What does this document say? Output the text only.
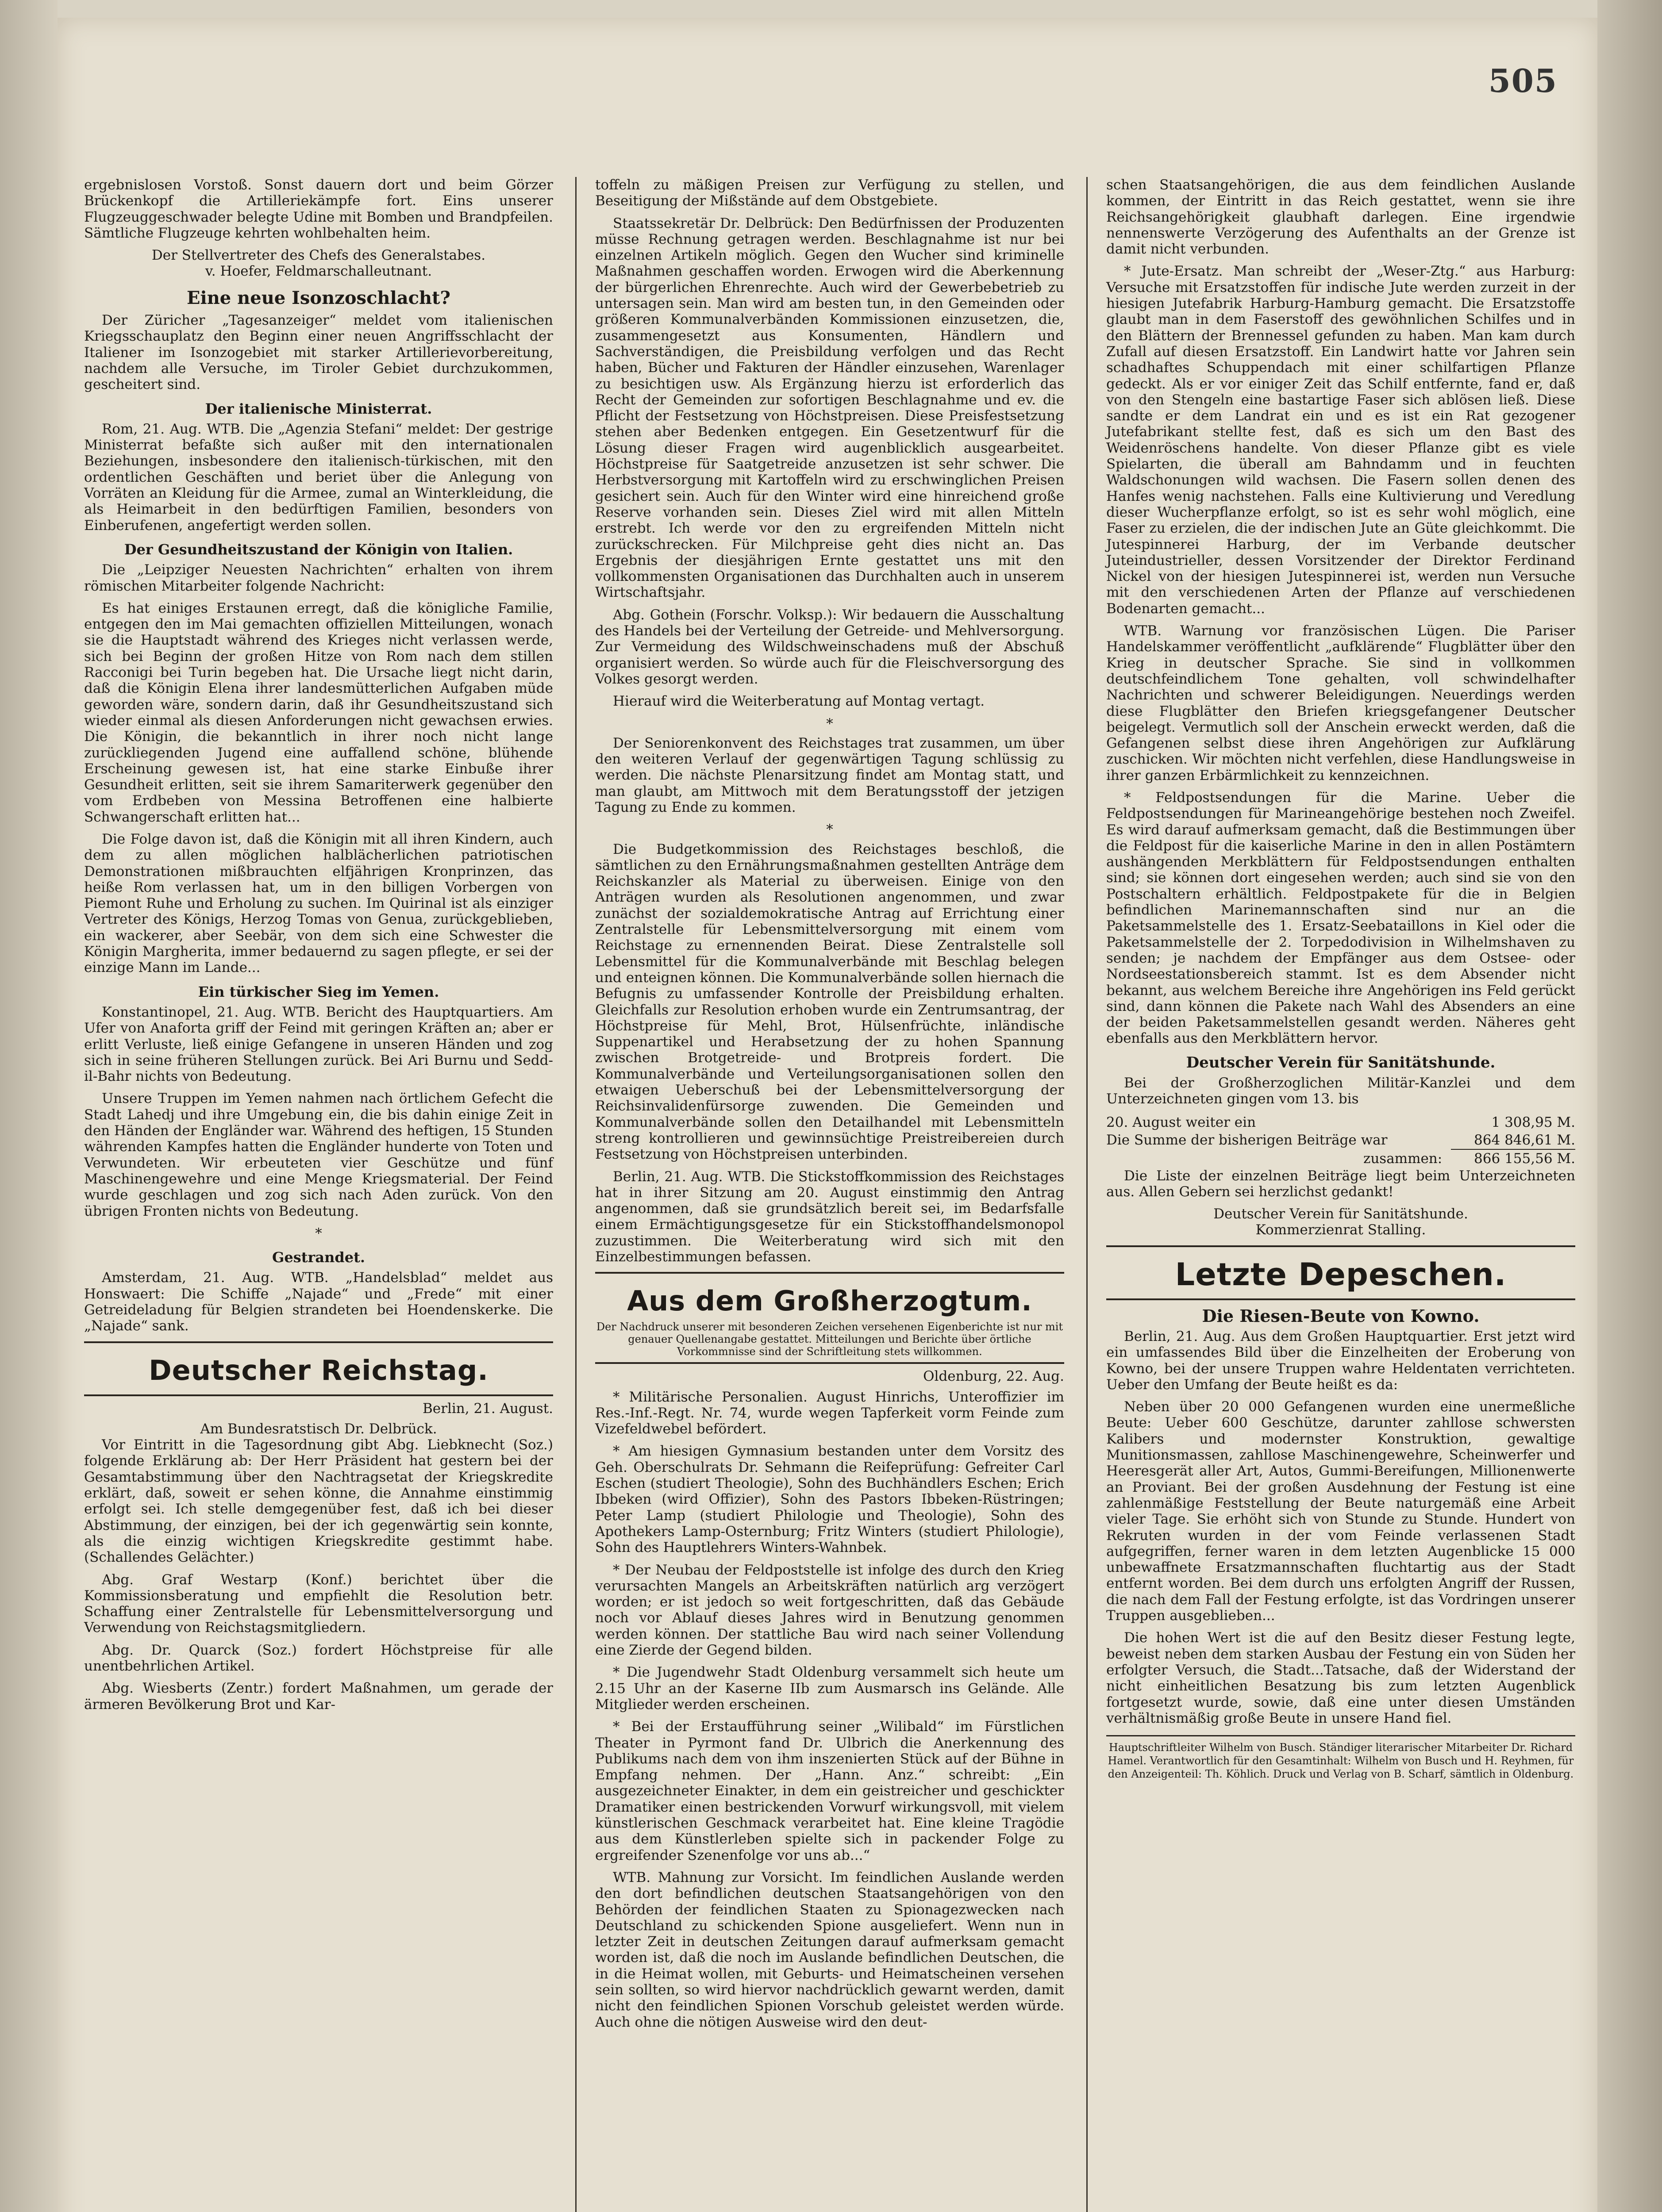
505

ergebnislosen Vorstoß. Sonst dauern dort und beim Görzer Brückenkopf die Artilleriekämpfe fort. Eins unserer Flugzeuggeschwader belegte Udine mit Bomben und Brandpfeilen. Sämtliche Flugzeuge kehrten wohlbehalten heim.

Der Stellvertreter des Chefs des Generalstabes.
v. Hoefer, Feldmarschalleutnant.
Eine neue Isonzoschlacht?

Der Züricher „Tagesanzeiger“ meldet vom italienischen Kriegsschauplatz den Beginn einer neuen Angriffsschlacht der Italiener im Isonzogebiet mit starker Artillerievorbereitung, nachdem alle Versuche, im Tiroler Gebiet durchzukommen, gescheitert sind.

Der italienische Ministerrat.

Rom, 21. Aug. WTB. Die „Agenzia Stefani“ meldet: Der gestrige Ministerrat befaßte sich außer mit den internationalen Beziehungen, insbesondere den italienisch-türkischen, mit den ordentlichen Geschäften und beriet über die Anlegung von Vorräten an Kleidung für die Armee, zumal an Winterkleidung, die als Heimarbeit in den bedürftigen Familien, besonders von Einberufenen, angefertigt werden sollen.

Der Gesundheitszustand der Königin von Italien.

Die „Leipziger Neuesten Nachrichten“ erhalten von ihrem römischen Mitarbeiter folgende Nachricht:

Es hat einiges Erstaunen erregt, daß die königliche Familie, entgegen den im Mai gemachten offiziellen Mitteilungen, wonach sie die Hauptstadt während des Krieges nicht verlassen werde, sich bei Beginn der großen Hitze von Rom nach dem stillen Racconigi bei Turin begeben hat. Die Ursache liegt nicht darin, daß die Königin Elena ihrer landesmütterlichen Aufgaben müde geworden wäre, sondern darin, daß ihr Gesundheitszustand sich wieder einmal als diesen Anforderungen nicht gewachsen erwies. Die Königin, die bekanntlich in ihrer noch nicht lange zurückliegenden Jugend eine auffallend schöne, blühende Erscheinung gewesen ist, hat eine starke Einbuße ihrer Gesundheit erlitten, seit sie ihrem Samariterwerk gegenüber den vom Erdbeben von Messina Betroffenen eine halbierte Schwangerschaft erlitten hat...

Die Folge davon ist, daß die Königin mit all ihren Kindern, auch dem zu allen möglichen halblächerlichen patriotischen Demonstrationen mißbrauchten elfjährigen Kronprinzen, das heiße Rom verlassen hat, um in den billigen Vorbergen von Piemont Ruhe und Erholung zu suchen. Im Quirinal ist als einziger Vertreter des Königs, Herzog Tomas von Genua, zurückgeblieben, ein wackerer, aber Seebär, von dem sich eine Schwester die Königin Margherita, immer bedauernd zu sagen pflegte, er sei der einzige Mann im Lande...

Ein türkischer Sieg im Yemen.

Konstantinopel, 21. Aug. WTB. Bericht des Hauptquartiers. Am Ufer von Anaforta griff der Feind mit geringen Kräften an; aber er erlitt Verluste, ließ einige Gefangene in unseren Händen und zog sich in seine früheren Stellungen zurück. Bei Ari Burnu und Sedd-il-Bahr nichts von Bedeutung.

Unsere Truppen im Yemen nahmen nach örtlichem Gefecht die Stadt Lahedj und ihre Umgebung ein, die bis dahin einige Zeit in den Händen der Engländer war. Während des heftigen, 15 Stunden währenden Kampfes hatten die Engländer hunderte von Toten und Verwundeten. Wir erbeuteten vier Geschütze und fünf Maschinengewehre und eine Menge Kriegsmaterial. Der Feind wurde geschlagen und zog sich nach Aden zurück. Von den übrigen Fronten nichts von Bedeutung.

*
Gestrandet.

Amsterdam, 21. Aug. WTB. „Handelsblad“ meldet aus Honswaert: Die Schiffe „Najade“ und „Frede“ mit einer Getreideladung für Belgien strandeten bei Hoendenskerke. Die „Najade“ sank.

Deutscher Reichstag.
Berlin, 21. August.
Am Bundesratstisch Dr. Delbrück.

Vor Eintritt in die Tagesordnung gibt Abg. Liebknecht (Soz.) folgende Erklärung ab: Der Herr Präsident hat gestern bei der Gesamtabstimmung über den Nachtragsetat der Kriegskredite erklärt, daß, soweit er sehen könne, die Annahme einstimmig erfolgt sei. Ich stelle demgegenüber fest, daß ich bei dieser Abstimmung, der einzigen, bei der ich gegenwärtig sein konnte, als die einzig wichtigen Kriegskredite gestimmt habe. (Schallendes Gelächter.)

Abg. Graf Westarp (Konf.) berichtet über die Kommissionsberatung und empfiehlt die Resolution betr. Schaffung einer Zentralstelle für Lebensmittelversorgung und Verwendung von Reichstagsmitgliedern.

Abg. Dr. Quarck (Soz.) fordert Höchstpreise für alle unentbehrlichen Artikel.

Abg. Wiesberts (Zentr.) fordert Maßnahmen, um gerade der ärmeren Bevölkerung Brot und Kar-

toffeln zu mäßigen Preisen zur Verfügung zu stellen, und Beseitigung der Mißstände auf dem Obstgebiete.

Staatssekretär Dr. Delbrück: Den Bedürfnissen der Produzenten müsse Rechnung getragen werden. Beschlagnahme ist nur bei einzelnen Artikeln möglich. Gegen den Wucher sind kriminelle Maßnahmen geschaffen worden. Erwogen wird die Aberkennung der bürgerlichen Ehrenrechte. Auch wird der Gewerbebetrieb zu untersagen sein. Man wird am besten tun, in den Gemeinden oder größeren Kommunalverbänden Kommissionen einzusetzen, die, zusammengesetzt aus Konsumenten, Händlern und Sachverständigen, die Preisbildung verfolgen und das Recht haben, Bücher und Fakturen der Händler einzusehen, Warenlager zu besichtigen usw. Als Ergänzung hierzu ist erforderlich das Recht der Gemeinden zur sofortigen Beschlagnahme und ev. die Pflicht der Festsetzung von Höchstpreisen. Diese Preisfestsetzung stehen aber Bedenken entgegen. Ein Gesetzentwurf für die Lösung dieser Fragen wird augenblicklich ausgearbeitet. Höchstpreise für Saatgetreide anzusetzen ist sehr schwer. Die Herbstversorgung mit Kartoffeln wird zu erschwinglichen Preisen gesichert sein. Auch für den Winter wird eine hinreichend große Reserve vorhanden sein. Dieses Ziel wird mit allen Mitteln erstrebt. Ich werde vor den zu ergreifenden Mitteln nicht zurückschrecken. Für Milchpreise geht dies nicht an. Das Ergebnis der diesjährigen Ernte gestattet uns mit den vollkommensten Organisationen das Durchhalten auch in unserem Wirtschaftsjahr.

Abg. Gothein (Forschr. Volksp.): Wir bedauern die Ausschaltung des Handels bei der Verteilung der Getreide- und Mehlversorgung. Zur Vermeidung des Wildschweinschadens muß der Abschuß organisiert werden. So würde auch für die Fleischversorgung des Volkes gesorgt werden.

Hierauf wird die Weiterberatung auf Montag vertagt.

*

Der Seniorenkonvent des Reichstages trat zusammen, um über den weiteren Verlauf der gegenwärtigen Tagung schlüssig zu werden. Die nächste Plenarsitzung findet am Montag statt, und man glaubt, am Mittwoch mit dem Beratungsstoff der jetzigen Tagung zu Ende zu kommen.

*

Die Budgetkommission des Reichstages beschloß, die sämtlichen zu den Ernährungsmaßnahmen gestellten Anträge dem Reichskanzler als Material zu überweisen. Einige von den Anträgen wurden als Resolutionen angenommen, und zwar zunächst der sozialdemokratische Antrag auf Errichtung einer Zentralstelle für Lebensmittelversorgung mit einem vom Reichstage zu ernennenden Beirat. Diese Zentralstelle soll Lebensmittel für die Kommunalverbände mit Beschlag belegen und enteignen können. Die Kommunalverbände sollen hiernach die Befugnis zu umfassender Kontrolle der Preisbildung erhalten. Gleichfalls zur Resolution erhoben wurde ein Zentrumsantrag, der Höchstpreise für Mehl, Brot, Hülsenfrüchte, inländische Suppenartikel und Herabsetzung der zu hohen Spannung zwischen Brotgetreide- und Brotpreis fordert. Die Kommunalverbände und Verteilungsorganisationen sollen den etwaigen Ueberschuß bei der Lebensmittelversorgung der Reichsinvalidenfürsorge zuwenden. Die Gemeinden und Kommunalverbände sollen den Detailhandel mit Lebensmitteln streng kontrollieren und gewinnsüchtige Preistreibereien durch Festsetzung von Höchstpreisen unterbinden.

Berlin, 21. Aug. WTB. Die Stickstoffkommission des Reichstages hat in ihrer Sitzung am 20. August einstimmig den Antrag angenommen, daß sie grundsätzlich bereit sei, im Bedarfsfalle einem Ermächtigungsgesetze für ein Stickstoffhandelsmonopol zuzustimmen. Die Weiterberatung wird sich mit den Einzelbestimmungen befassen.

Aus dem Großherzogtum.
Der Nachdruck unserer mit besonderen Zeichen versehenen Eigenberichte ist nur mit genauer Quellenangabe gestattet. Mitteilungen und Berichte über örtliche Vorkommnisse sind der Schriftleitung stets willkommen.
Oldenburg, 22. Aug.

* Militärische Personalien. August Hinrichs, Unteroffizier im Res.-Inf.-Regt. Nr. 74, wurde wegen Tapferkeit vorm Feinde zum Vizefeldwebel befördert.

* Am hiesigen Gymnasium bestanden unter dem Vorsitz des Geh. Oberschulrats Dr. Sehmann die Reifeprüfung: Gefreiter Carl Eschen (studiert Theologie), Sohn des Buchhändlers Eschen; Erich Ibbeken (wird Offizier), Sohn des Pastors Ibbeken-Rüstringen; Peter Lamp (studiert Philologie und Theologie), Sohn des Apothekers Lamp-Osternburg; Fritz Winters (studiert Philologie), Sohn des Hauptlehrers Winters-Wahnbek.

* Der Neubau der Feldpoststelle ist infolge des durch den Krieg verursachten Mangels an Arbeitskräften natürlich arg verzögert worden; er ist jedoch so weit fortgeschritten, daß das Gebäude noch vor Ablauf dieses Jahres wird in Benutzung genommen werden können. Der stattliche Bau wird nach seiner Vollendung eine Zierde der Gegend bilden.

* Die Jugendwehr Stadt Oldenburg versammelt sich heute um 2.15 Uhr an der Kaserne IIb zum Ausmarsch ins Gelände. Alle Mitglieder werden erscheinen.

* Bei der Erstaufführung seiner „Wilibald“ im Fürstlichen Theater in Pyrmont fand Dr. Ulbrich die Anerkennung des Publikums nach dem von ihm inszenierten Stück auf der Bühne in Empfang nehmen. Der „Hann. Anz.“ schreibt: „Ein ausgezeichneter Einakter, in dem ein geistreicher und geschickter Dramatiker einen bestrickenden Vorwurf wirkungsvoll, mit vielem künstlerischen Geschmack verarbeitet hat. Eine kleine Tragödie aus dem Künstlerleben spielte sich in packender Folge zu ergreifender Szenenfolge vor uns ab...“

WTB. Mahnung zur Vorsicht. Im feindlichen Auslande werden den dort befindlichen deutschen Staatsangehörigen von den Behörden der feindlichen Staaten zu Spionagezwecken nach Deutschland zu schickenden Spione ausgeliefert. Wenn nun in letzter Zeit in deutschen Zeitungen darauf aufmerksam gemacht worden ist, daß die noch im Auslande befindlichen Deutschen, die in die Heimat wollen, mit Geburts- und Heimatscheinen versehen sein sollten, so wird hiervor nachdrücklich gewarnt werden, damit nicht den feindlichen Spionen Vorschub geleistet werden würde. Auch ohne die nötigen Ausweise wird den deut-

schen Staatsangehörigen, die aus dem feindlichen Auslande kommen, der Eintritt in das Reich gestattet, wenn sie ihre Reichsangehörigkeit glaubhaft darlegen. Eine irgendwie nennenswerte Verzögerung des Aufenthalts an der Grenze ist damit nicht verbunden.

* Jute-Ersatz. Man schreibt der „Weser-Ztg.“ aus Harburg: Versuche mit Ersatzstoffen für indische Jute werden zurzeit in der hiesigen Jutefabrik Harburg-Hamburg gemacht. Die Ersatzstoffe glaubt man in dem Faserstoff des gewöhnlichen Schilfes und in den Blättern der Brennessel gefunden zu haben. Man kam durch Zufall auf diesen Ersatzstoff. Ein Landwirt hatte vor Jahren sein schadhaftes Schuppendach mit einer schilfartigen Pflanze gedeckt. Als er vor einiger Zeit das Schilf entfernte, fand er, daß von den Stengeln eine bastartige Faser sich ablösen ließ. Diese sandte er dem Landrat ein und es ist ein Rat gezogener Jutefabrikant stellte fest, daß es sich um den Bast des Weidenröschens handelte. Von dieser Pflanze gibt es viele Spielarten, die überall am Bahndamm und in feuchten Waldschonungen wild wachsen. Die Fasern sollen denen des Hanfes wenig nachstehen. Falls eine Kultivierung und Veredlung dieser Wucherpflanze erfolgt, so ist es sehr wohl möglich, eine Faser zu erzielen, die der indischen Jute an Güte gleichkommt. Die Jutespinnerei Harburg, der im Verbande deutscher Juteindustrieller, dessen Vorsitzender der Direktor Ferdinand Nickel von der hiesigen Jutespinnerei ist, werden nun Versuche mit den verschiedenen Arten der Pflanze auf verschiedenen Bodenarten gemacht...

WTB. Warnung vor französischen Lügen. Die Pariser Handelskammer veröffentlicht „aufklärende“ Flugblätter über den Krieg in deutscher Sprache. Sie sind in vollkommen deutschfeindlichem Tone gehalten, voll schwindelhafter Nachrichten und schwerer Beleidigungen. Neuerdings werden diese Flugblätter den Briefen kriegsgefangener Deutscher beigelegt. Vermutlich soll der Anschein erweckt werden, daß die Gefangenen selbst diese ihren Angehörigen zur Aufklärung zuschicken. Wir möchten nicht verfehlen, diese Handlungsweise in ihrer ganzen Erbärmlichkeit zu kennzeichnen.

* Feldpostsendungen für die Marine. Ueber die Feldpostsendungen für Marineangehörige bestehen noch Zweifel. Es wird darauf aufmerksam gemacht, daß die Bestimmungen über die Feldpost für die kaiserliche Marine in den in allen Postämtern aushängenden Merkblättern für Feldpostsendungen enthalten sind; sie können dort eingesehen werden; auch sind sie von den Postschaltern erhältlich. Feldpostpakete für die in Belgien befindlichen Marinemannschaften sind nur an die Paketsammelstelle des 1. Ersatz-Seebataillons in Kiel oder die Paketsammelstelle der 2. Torpedodivision in Wilhelmshaven zu senden; je nachdem der Empfänger aus dem Ostsee- oder Nordseestationsbereich stammt. Ist es dem Absender nicht bekannt, aus welchem Bereiche ihre Angehörigen ins Feld gerückt sind, dann können die Pakete nach Wahl des Absenders an eine der beiden Paketsammelstellen gesandt werden. Näheres geht ebenfalls aus den Merkblättern hervor.

Deutscher Verein für Sanitätshunde.

Bei der Großherzoglichen Militär-Kanzlei und dem Unterzeichneten gingen vom 13. bis

20. August weiter ein	1 308,95 M.
Die Summe der bisherigen Beiträge war	864 846,61 M.
zusammen:	866 155,56 M.

Die Liste der einzelnen Beiträge liegt beim Unterzeichneten aus. Allen Gebern sei herzlichst gedankt!

Deutscher Verein für Sanitätshunde.
Kommerzienrat Stalling.
Letzte Depeschen.
Die Riesen-Beute von Kowno.

Berlin, 21. Aug. Aus dem Großen Hauptquartier. Erst jetzt wird ein umfassendes Bild über die Einzelheiten der Eroberung von Kowno, bei der unsere Truppen wahre Heldentaten verrichteten. Ueber den Umfang der Beute heißt es da:

Neben über 20 000 Gefangenen wurden eine unermeßliche Beute: Ueber 600 Geschütze, darunter zahllose schwersten Kalibers und modernster Konstruktion, gewaltige Munitionsmassen, zahllose Maschinengewehre, Scheinwerfer und Heeresgerät aller Art, Autos, Gummi-Bereifungen, Millionenwerte an Proviant. Bei der großen Ausdehnung der Festung ist eine zahlenmäßige Feststellung der Beute naturgemäß eine Arbeit vieler Tage. Sie erhöht sich von Stunde zu Stunde. Hundert von Rekruten wurden in der vom Feinde verlassenen Stadt aufgegriffen, ferner waren in dem letzten Augenblicke 15 000 unbewaffnete Ersatzmannschaften fluchtartig aus der Stadt entfernt worden. Bei dem durch uns erfolgten Angriff der Russen, die nach dem Fall der Festung erfolgte, ist das Vordringen unserer Truppen ausgeblieben...

Die hohen Wert ist die auf den Besitz dieser Festung legte, beweist neben dem starken Ausbau der Festung ein von Süden her erfolgter Versuch, die Stadt...Tatsache, daß der Widerstand der nicht einheitlichen Besatzung bis zum letzten Augenblick fortgesetzt wurde, sowie, daß eine unter diesen Umständen verhältnismäßig große Beute in unsere Hand fiel.

Hauptschriftleiter Wilhelm von Busch. Ständiger literarischer Mitarbeiter Dr. Richard Hamel. Verantwortlich für den Gesamtinhalt: Wilhelm von Busch und H. Reyhmen, für den Anzeigenteil: Th. Köhlich. Druck und Verlag von B. Scharf, sämtlich in Oldenburg.
